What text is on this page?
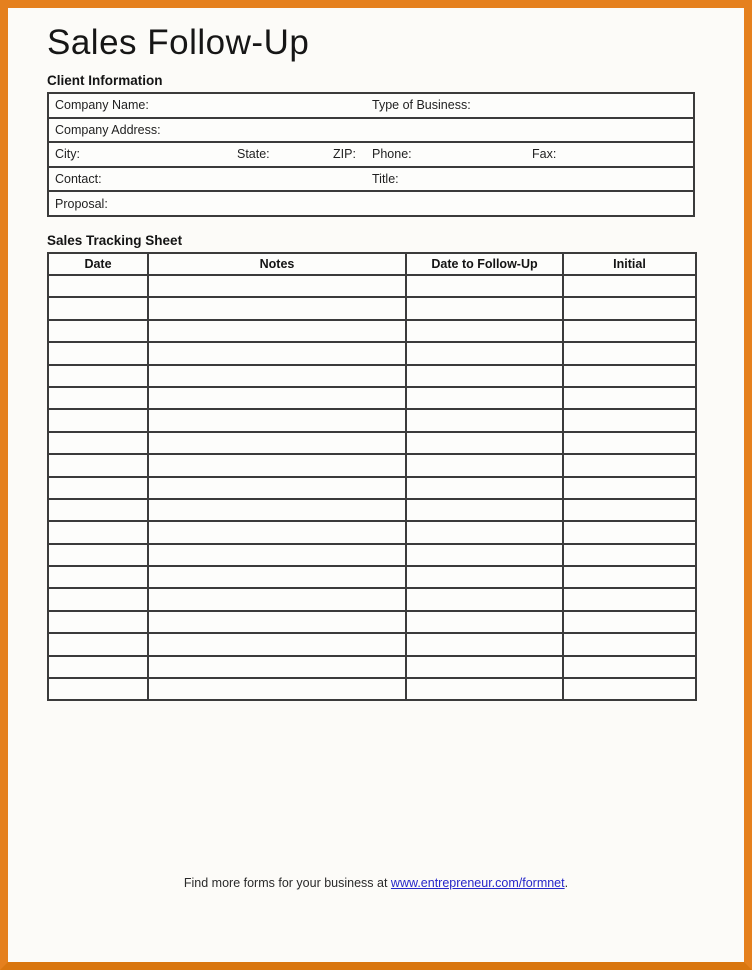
Sales Follow-Up
Client Information
Company Name:	Type of Business:
Company Address:
City:	State:	ZIP: Phone:	Fax:
Contact:	Title:
Proposal:
Sales Tracking Sheet
Date	Notes	Date to Follow-Up	Initial

Find more forms for your business at www.entrepreneur.com/formnet.
